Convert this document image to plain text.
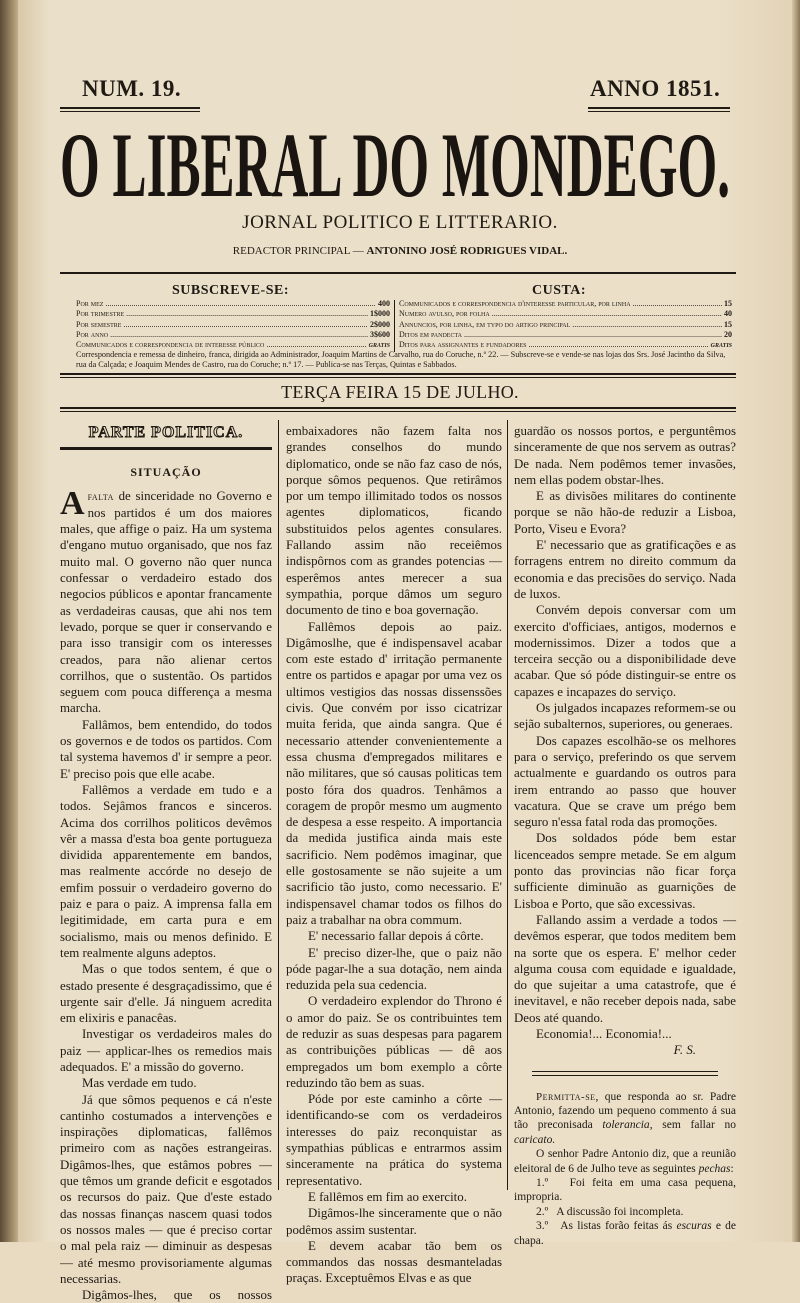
NUM. 19.	ANNO 1851.
O LIBERAL DO MONDEGO.
JORNAL POLITICO E LITTERARIO.
REDACTOR PRINCIPAL — ANTONINO JOSÉ RODRIGUES VIDAL.
SUBSCREVE-SE:	CUSTA:
Por mez .....	400
Por trimestre .....	1$000
Por semestre .....	2$000
Por anno .....	3$600
Communicados e correspondencia de interesse público .....	gratis
Communicados e correspondencia d'interesse particular, por linha .....	15
Numero avulso, por folha .....	40
Annuncios, por linha, em typo do artigo principal .....	15
Ditos em pandecta .....	20
Ditos para assignantes e fundadores .....	gratis
Correspondencia e remessa de dinheiro, franca, dirigida ao Administrador, Joaquim Martins de Carvalho, rua do Coruche, n.º 22. — Subscreve-se e vende-se nas lojas dos Srs. José Jacintho da Silva, rua da Calçada; e Joaquim Mendes de Castro, rua do Coruche; n.º 17. — Publica-se nas Terças, Quintas e Sabbados.
TERÇA FEIRA 15 DE JULHO.
PARTE POLITICA.
SITUAÇÃO

Afalta de sinceridade no Governo e nos partidos é um dos maiores males, que affige o paiz. Ha um systema d'engano mutuo organisado, que nos faz muito mal. O governo não quer nunca confessar o verdadeiro estado dos negocios públicos e apontar francamente as verdadeiras causas, que ahi nos tem levado, porque se quer ir conservando e para isso transigir com os interesses creados, para não alienar certos corrilhos, que o sustentão. Os partidos seguem com pouca differença a mesma marcha.

Fallâmos, bem entendido, do todos os governos e de todos os partidos. Com tal systema havemos d' ir sempre a peor. E' preciso pois que elle acabe.

Fallêmos a verdade em tudo e a todos. Sejâmos francos e sinceros. Acima dos corrilhos politicos devêmos vêr a massa d'esta boa gente portugueza dividida apparentemente em bandos, mas realmente accórde no desejo de emfim possuir o verdadeiro governo do paiz e para o paiz. A imprensa falla em legitimidade, em carta pura e em socialismo, mais ou menos definido. E tem realmente alguns adeptos.

Mas o que todos sentem, é que o estado presente é desgraçadissimo, que é urgente sair d'elle. Já ninguem acredita em elixiris e panacêas.

Investigar os verdadeiros males do paiz — applicar-lhes os remedios mais adequados. E' a missão do governo.

Mas verdade em tudo.

Já que sômos pequenos e cá n'este cantinho costumados a intervenções e inspirações diplomaticas, fallêmos primeiro com as nações estrangeiras. Digâmos-lhes, que estâmos pobres — que têmos um grande deficit e esgotados os recursos do paiz. Que d'este estado das nossas finanças nascem quasi todos os nossos males — que é preciso cortar o mal pela raiz — diminuir as despesas — até mesmo provisoriamente algumas necessarias.

Digâmos-lhes, que os nossos

embaixadores não fazem falta nos grandes conselhos do mundo diplomatico, onde se não faz caso de nós, porque sômos pequenos. Que retirâmos por um tempo illimitado todos os nossos agentes diplomaticos, ficando substituidos pelos agentes consulares. Fallando assim não receiêmos indispôrnos com as grandes potencias — esperêmos antes merecer a sua sympathia, porque dâmos um seguro documento de tino e boa governação.

Fallêmos depois ao paiz. Digâmoslhe, que é indispensavel acabar com este estado d' irritação permanente entre os partidos e apagar por uma vez os ultimos vestigios das nossas dissenssões civis. Que convém por isso cicatrizar muita ferida, que ainda sangra. Que é necessario attender convenientemente a essa chusma d'empregados militares e não militares, que só causas politicas tem posto fóra dos quadros. Tenhâmos a coragem de propôr mesmo um augmento de despesa a esse respeito. A importancia da medida justifica ainda mais este sacrificio. Nem podêmos imaginar, que elle gostosamente se não sujeite a um sacrificio tão justo, como necessario. E' indispensavel chamar todos os filhos do paiz a trabalhar na obra commum.

E' necessario fallar depois á côrte.

E' preciso dizer-lhe, que o paiz não póde pagar-lhe a sua dotação, nem ainda reduzida pela sua cedencia.

O verdadeiro explendor do Throno é o amor do paiz. Se os contribuintes tem de reduzir as suas despesas para pagarem as contribuições públicas — dê aos empregados um bom exemplo a côrte reduzindo tão bem as suas.

Póde por este caminho a côrte — identificando-se com os verdadeiros interesses do paiz reconquistar as sympathias públicas e entrarmos assim sinceramente na prática do systema representativo.

E fallêmos em fim ao exercito.

Digâmos-lhe sinceramente que o não podêmos assim sustentar.

E devem acabar tão bem os commandos das nossas desmanteladas praças. Exceptuêmos Elvas e as que

guardão os nossos portos, e perguntêmos sinceramente de que nos servem as outras? De nada. Nem podêmos temer invasões, nem ellas podem obstar-lhes.

E as divisões militares do continente porque se não hão-de reduzir a Lisboa, Porto, Viseu e Evora?

E' necessario que as gratificações e as forragens entrem no direito commum da economia e das precisões do serviço. Nada de luxos.

Convém depois conversar com um exercito d'officiaes, antigos, modernos e modernissimos. Dizer a todos que a terceira secção ou a disponibilidade deve acabar. Que só póde distinguir-se entre os capazes e incapazes do serviço.

Os julgados incapazes reformem-se ou sejão subalternos, superiores, ou generaes.

Dos capazes escolhão-se os melhores para o serviço, preferindo os que servem actualmente e guardando os outros para irem entrando ao passo que houver vacatura. Que se crave um prégo bem seguro n'essa fatal roda das promoções.

Dos soldados póde bem estar licenceados sempre metade. Se em algum ponto das provincias não ficar força sufficiente diminuão as guarnições de Lisboa e Porto, que são excessivas.

Fallando assim a verdade a todos — devêmos esperar, que todos meditem bem na sorte que os espera. E' melhor ceder alguma cousa com equidade e igualdade, do que sujeitar a uma catastrofe, que é inevitavel, e não receber depois nada, sabe Deos até quando.

Economia!... Economia!...

F. S.

Permitta-se, que responda ao sr. Padre Antonio, fazendo um pequeno commento á sua tão preconisada tolerancia, sem fallar no caricato.

O senhor Padre Antonio diz, que a reunião eleitoral de 6 de Julho teve as seguintes pechas:

1.º Foi feita em uma casa pequena, impropria.

2.º A discussão foi incompleta.

3.º As listas forão feitas ás escuras e de chapa.
